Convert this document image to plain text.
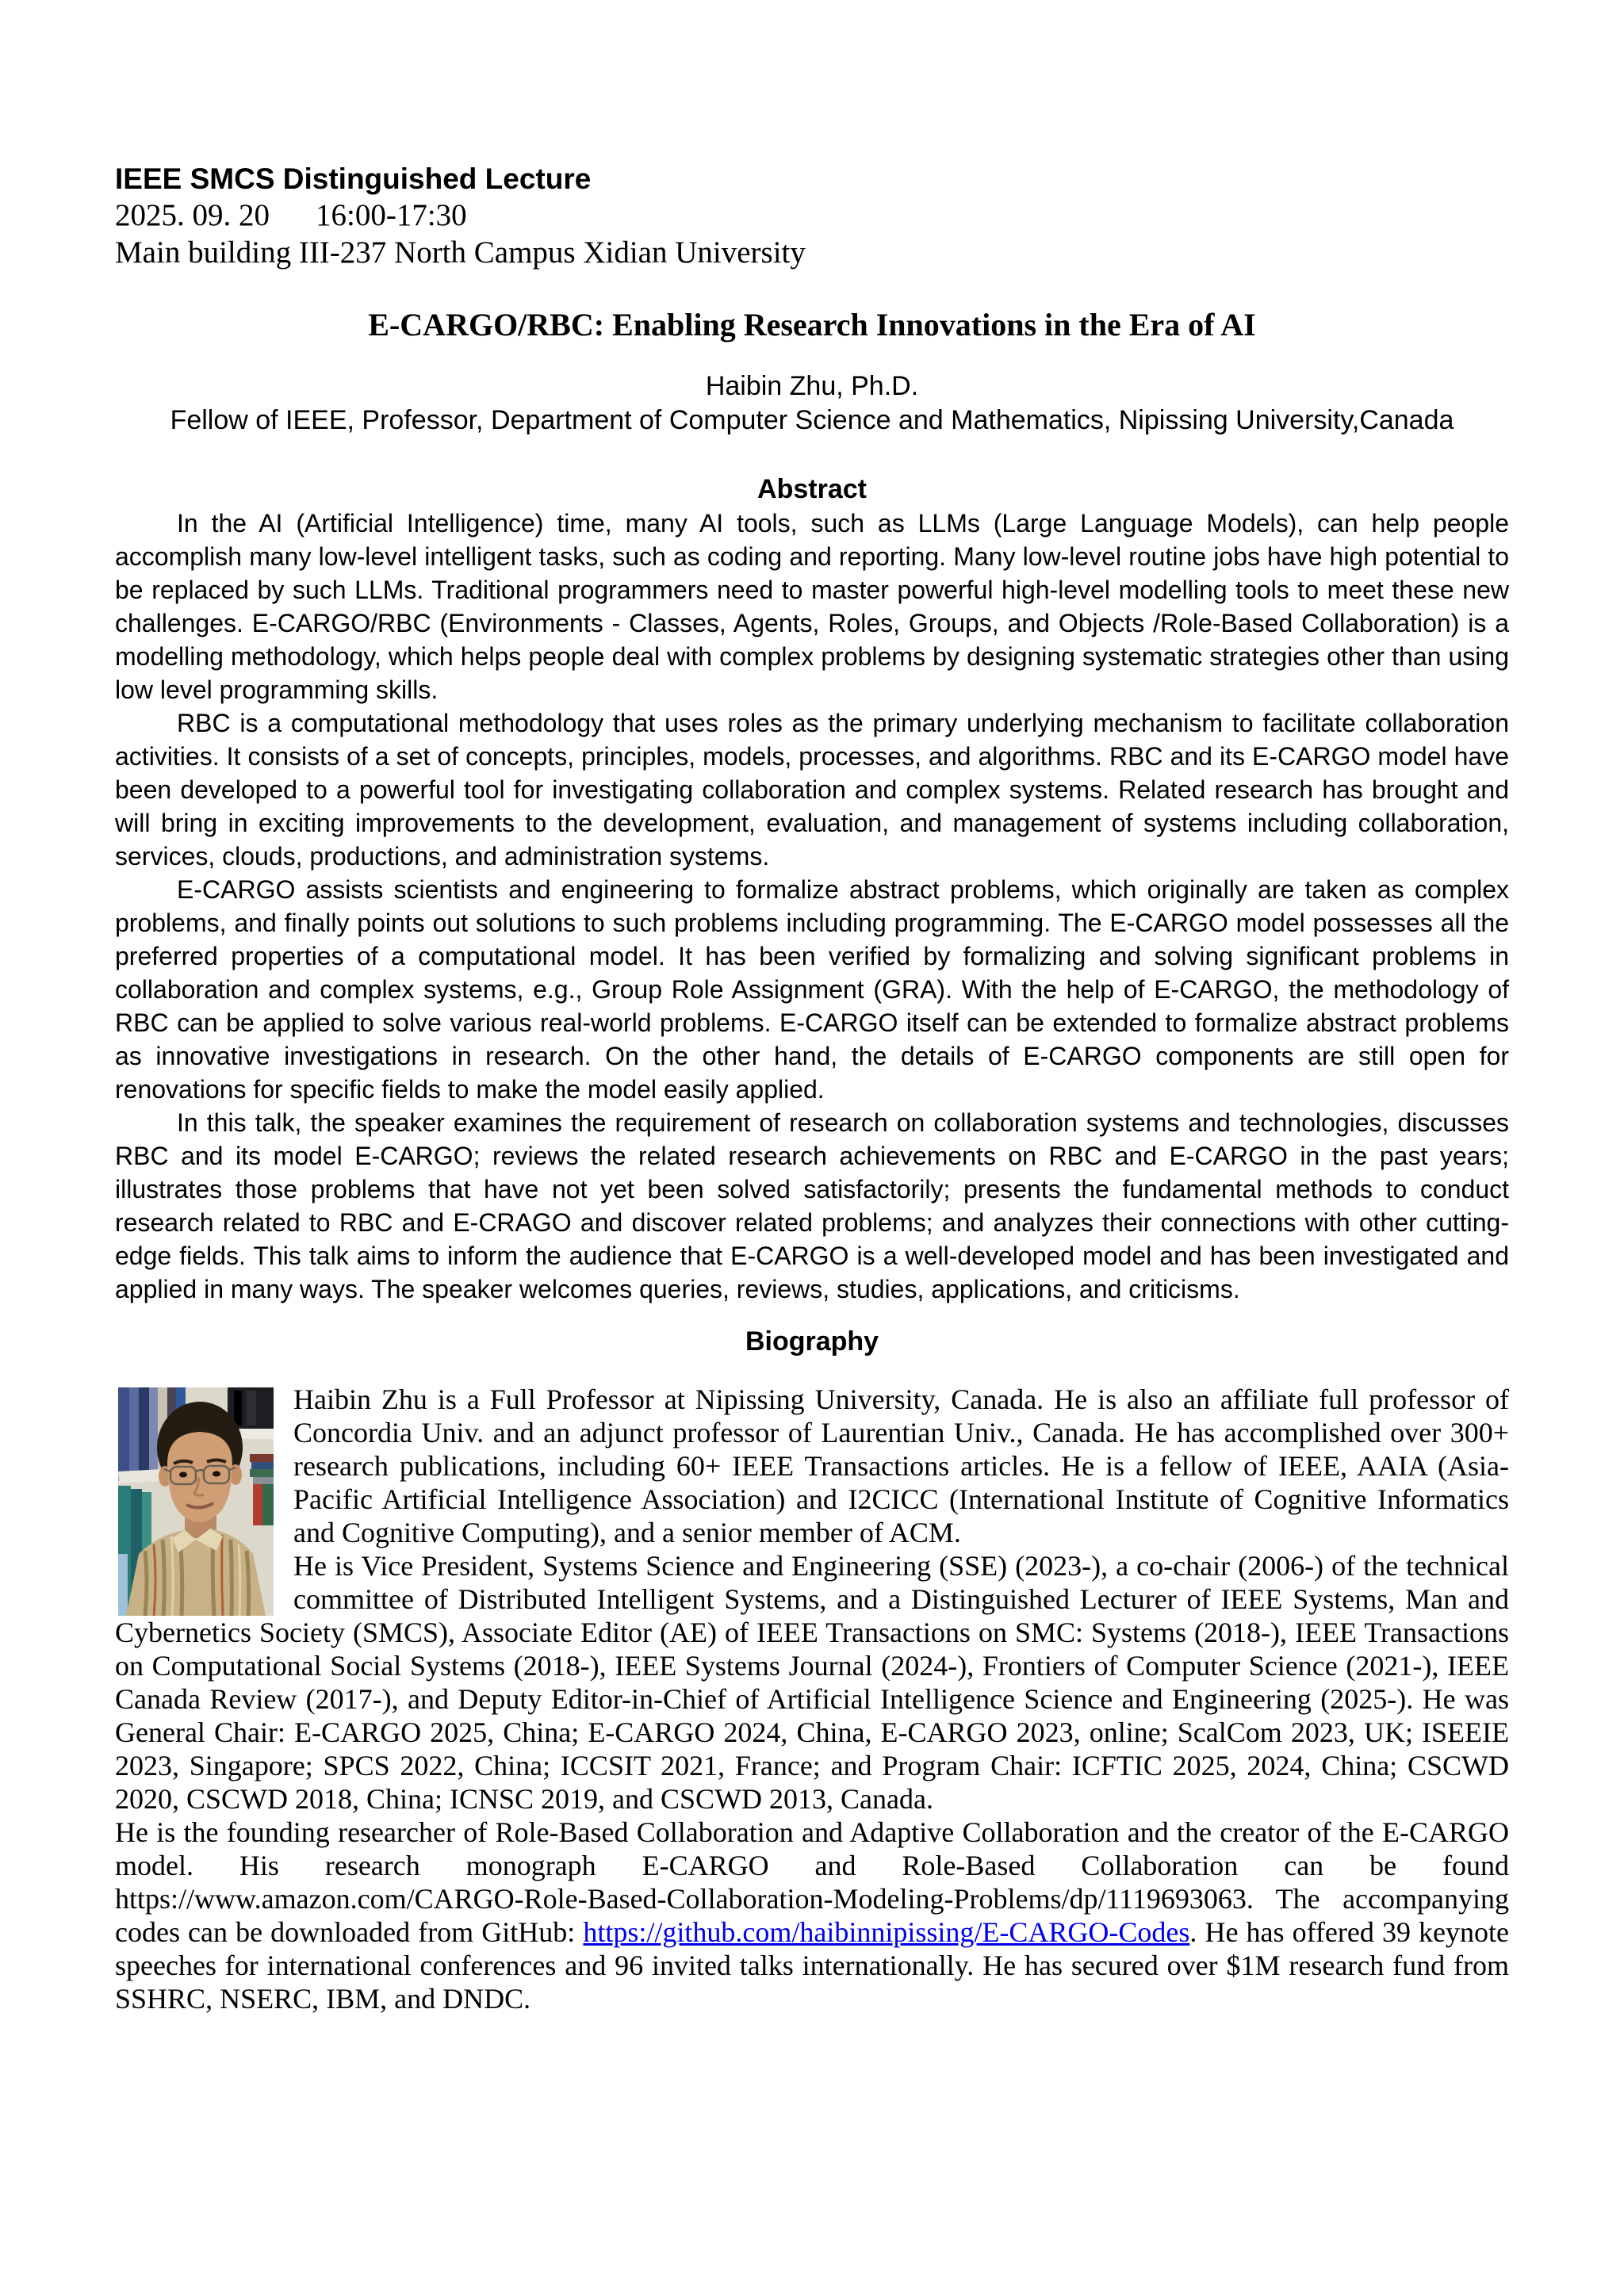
IEEE SMCS Distinguished Lecture
2025. 09. 20 16:00-17:30
Main building III-237 North Campus Xidian University
E-CARGO/RBC: Enabling Research Innovations in the Era of AI
Haibin Zhu, Ph.D.
Fellow of IEEE, Professor, Department of Computer Science and Mathematics, Nipissing University,Canada
Abstract

In the AI (Artificial Intelligence) time, many AI tools, such as LLMs (Large Language Models), can help people accomplish many low-level intelligent tasks, such as coding and reporting. Many low-level routine jobs have high potential to be replaced by such LLMs. Traditional programmers need to master powerful high-level modelling tools to meet these new challenges. E-CARGO/RBC (Environments - Classes, Agents, Roles, Groups, and Objects /Role-Based Collaboration) is a modelling methodology, which helps people deal with complex problems by designing systematic strategies other than using low level programming skills.

RBC is a computational methodology that uses roles as the primary underlying mechanism to facilitate collaboration activities. It consists of a set of concepts, principles, models, processes, and algorithms. RBC and its E-CARGO model have been developed to a powerful tool for investigating collaboration and complex systems. Related research has brought and will bring in exciting improvements to the development, evaluation, and management of systems including collaboration, services, clouds, productions, and administration systems.

E-CARGO assists scientists and engineering to formalize abstract problems, which originally are taken as complex problems, and finally points out solutions to such problems including programming. The E-CARGO model possesses all the preferred properties of a computational model. It has been verified by formalizing and solving significant problems in collaboration and complex systems, e.g., Group Role Assignment (GRA). With the help of E-CARGO, the methodology of RBC can be applied to solve various real-world problems. E-CARGO itself can be extended to formalize abstract problems as innovative investigations in research. On the other hand, the details of E-CARGO components are still open for renovations for specific fields to make the model easily applied.

In this talk, the speaker examines the requirement of research on collaboration systems and technologies, discusses RBC and its model E-CARGO; reviews the related research achievements on RBC and E-CARGO in the past years; illustrates those problems that have not yet been solved satisfactorily; presents the fundamental methods to conduct research related to RBC and E-CRAGO and discover related problems; and analyzes their connections with other cutting-edge fields. This talk aims to inform the audience that E-CARGO is a well-developed model and has been investigated and applied in many ways. The speaker welcomes queries, reviews, studies, applications, and criticisms.

Biography

Haibin Zhu is a Full Professor at Nipissing University, Canada. He is also an affiliate full professor of Concordia Univ. and an adjunct professor of Laurentian Univ., Canada. He has accomplished over 300+ research publications, including 60+ IEEE Transactions articles. He is a fellow of IEEE, AAIA (Asia-Pacific Artificial Intelligence Association) and I2CICC (International Institute of Cognitive Informatics and Cognitive Computing), and a senior member of ACM.

He is Vice President, Systems Science and Engineering (SSE) (2023-), a co-chair (2006-) of the technical committee of Distributed Intelligent Systems, and a Distinguished Lecturer of IEEE Systems, Man and Cybernetics Society (SMCS), Associate Editor (AE) of IEEE Transactions on SMC: Systems (2018-), IEEE Transactions on Computational Social Systems (2018-), IEEE Systems Journal (2024-), Frontiers of Computer Science (2021-), IEEE Canada Review (2017-), and Deputy Editor-in-Chief of Artificial Intelligence Science and Engineering (2025-). He was General Chair: E-CARGO 2025, China; E-CARGO 2024, China, E-CARGO 2023, online; ScalCom 2023, UK; ISEEIE 2023, Singapore; SPCS 2022, China; ICCSIT 2021, France; and Program Chair: ICFTIC 2025, 2024, China; CSCWD 2020, CSCWD 2018, China; ICNSC 2019, and CSCWD 2013, Canada.

He is the founding researcher of Role-Based Collaboration and Adaptive Collaboration and the creator of the E-CARGO model. His research monograph E-CARGO and Role-Based Collaboration can be found https://www.amazon.com/CARGO-Role-Based-Collaboration-Modeling-Problems/dp/1119693063. The accompanying codes can be downloaded from GitHub: https://github.com/haibinnipissing/E-CARGO-Codes. He has offered 39 keynote speeches for international conferences and 96 invited talks internationally. He has secured over $1M research fund from SSHRC, NSERC, IBM, and DNDC.
